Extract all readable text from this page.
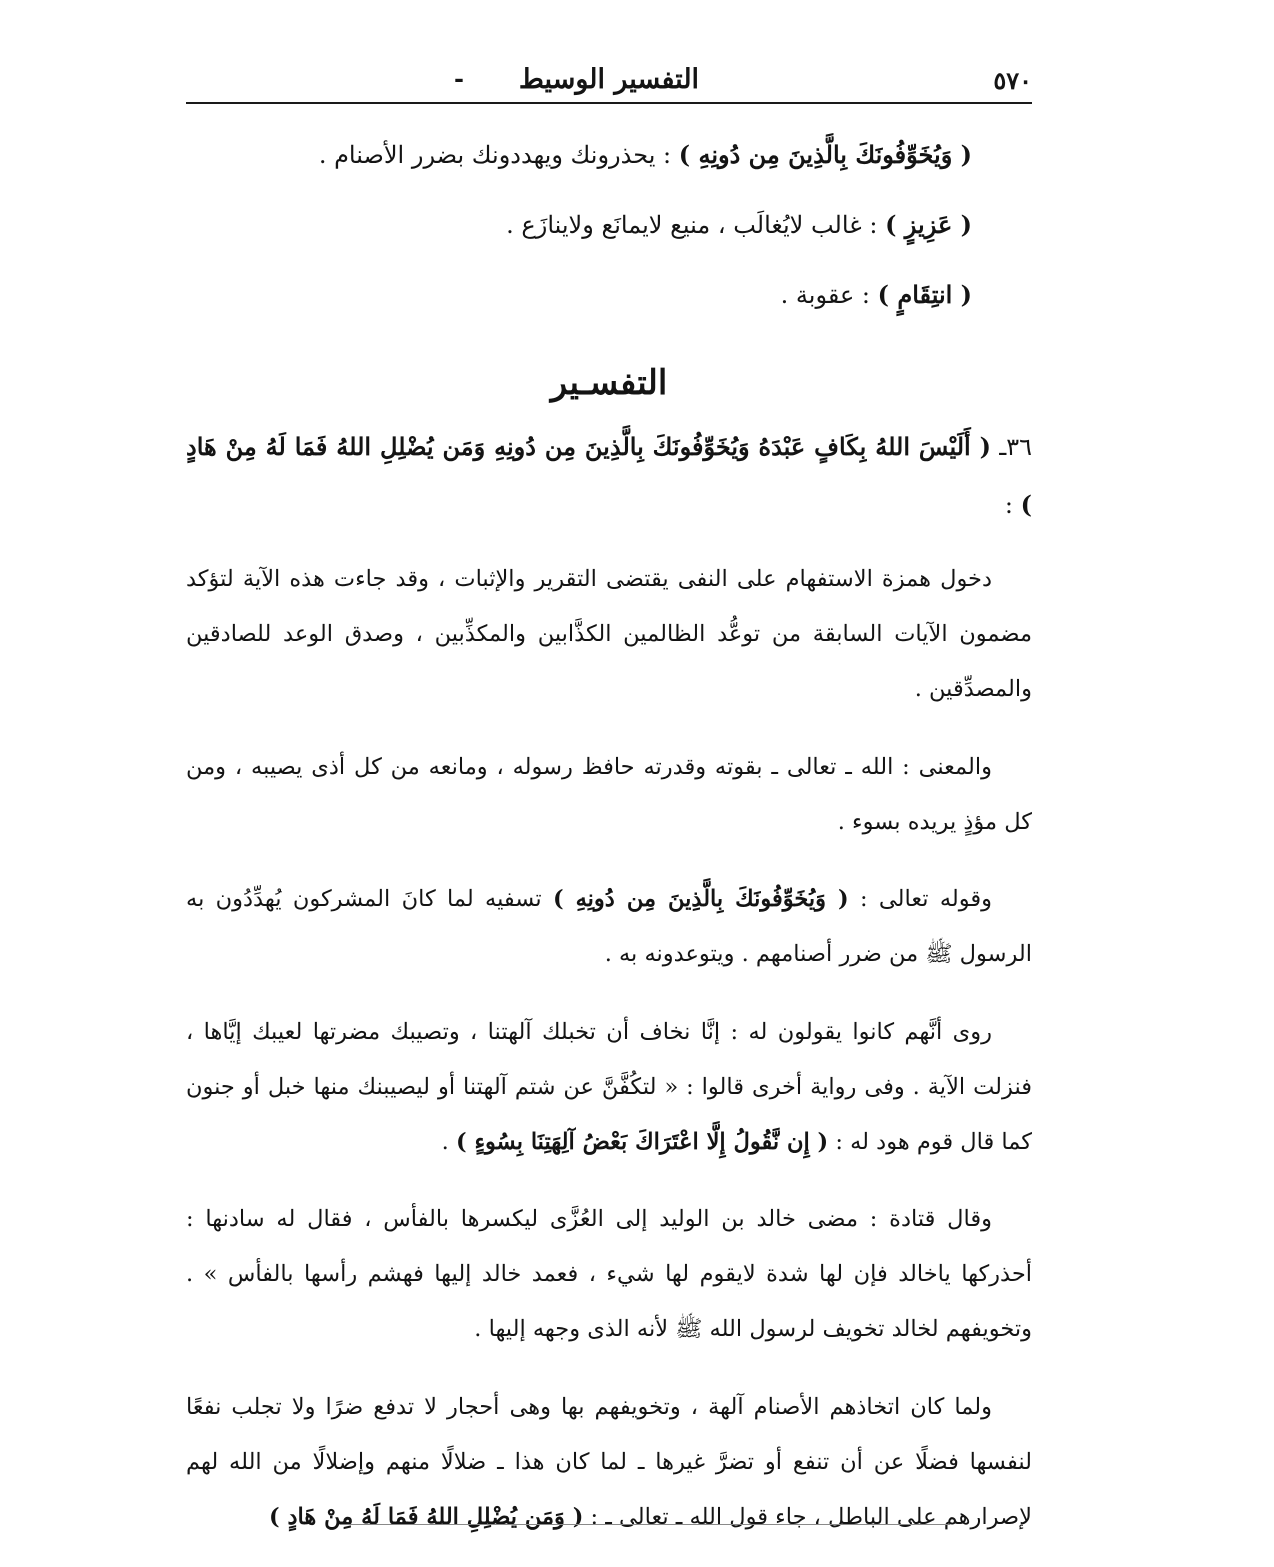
٥٧٠
التفسير الوسيط
-
( وَيُخَوِّفُونَكَ بِالَّذِينَ مِن دُونِهِ ) : يحذرونك ويهددونك بضرر الأصنام .
( عَزِيزٍ ) : غالب لايُغالَب ، منيع لايمانَع ولاينازَع .
( انتِقَامٍ ) : عقوبة .
التفسـير
٣٦ـ ( أَلَيْسَ اللهُ بِكَافٍ عَبْدَهُ وَيُخَوِّفُونَكَ بِالَّذِينَ مِن دُونِهِ وَمَن يُضْلِلِ اللهُ فَمَا لَهُ مِنْ هَادٍ ) :

دخول همزة الاستفهام على النفى يقتضى التقرير والإثبات ، وقد جاءت هذه الآية لتؤكد مضمون الآيات السابقة من توعُّد الظالمين الكذَّابين والمكذِّبين ، وصدق الوعد للصادقين والمصدِّقين .

والمعنى : الله ـ تعالى ـ بقوته وقدرته حافظ رسوله ، ومانعه من كل أذى يصيبه ، ومن كل مؤذٍ يريده بسوء .

وقوله تعالى : ( وَيُخَوِّفُونَكَ بِالَّذِينَ مِن دُونِهِ ) تسفيه لما كانَ المشركون يُهدِّدُون به الرسول ﷺ من ضرر أصنامهم . ويتوعدونه به .

روى أنَّهم كانوا يقولون له : إنَّا نخاف أن تخبلك آلهتنا ، وتصيبك مضرتها لعيبك إيَّاها ، فنزلت الآية . وفى رواية أخرى قالوا : « لتكُفَّنَّ عن شتم آلهتنا أو ليصيبنك منها خبل أو جنون كما قال قوم هود له : ( إِن نَّقُولُ إِلَّا اعْتَرَاكَ بَعْضُ آلِهَتِنَا بِسُوءٍ ) .

وقال قتادة : مضى خالد بن الوليد إلى العُزَّى ليكسرها بالفأس ، فقال له سادنها : أحذركها ياخالد فإن لها شدة لايقوم لها شيء ، فعمد خالد إليها فهشم رأسها بالفأس » . وتخويفهم لخالد تخويف لرسول الله ﷺ لأنه الذى وجهه إليها .

ولما كان اتخاذهم الأصنام آلهة ، وتخويفهم بها وهى أحجار لا تدفع ضرًا ولا تجلب نفعًا لنفسها فضلًا عن أن تنفع أو تضرَّ غيرها ـ لما كان هذا ـ ضلالًا منهم وإضلالًا من الله لهم لإصرارهم على الباطل ، جاء قول الله ـ تعالى ـ : ( وَمَن يُضْلِلِ اللهُ فَمَا لَهُ مِنْ هَادٍ )
